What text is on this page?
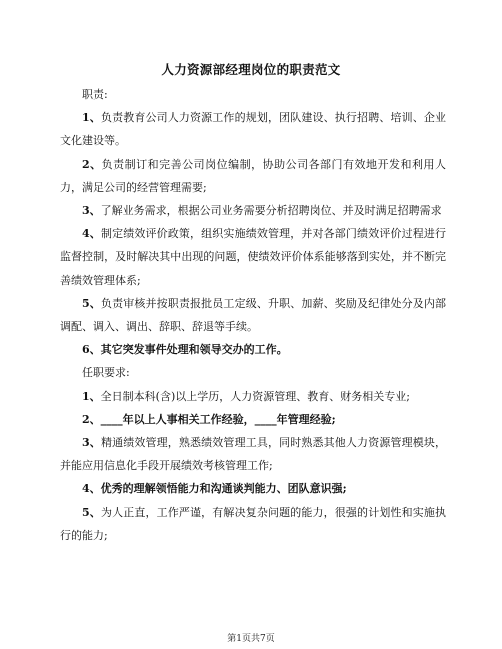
人力资源部经理岗位的职责范文

职责:

1、负责教育公司人力资源工作的规划，团队建设、执行招聘、培训、企业文化建设等。

2、负责制订和完善公司岗位编制，协助公司各部门有效地开发和利用人力，满足公司的经营管理需要;

3、了解业务需求，根据公司业务需要分析招聘岗位、并及时满足招聘需求

4、制定绩效评价政策，组织实施绩效管理，并对各部门绩效评价过程进行监督控制，及时解决其中出现的问题，使绩效评价体系能够落到实处，并不断完善绩效管理体系;

5、负责审核并按职责报批员工定级、升职、加薪、奖励及纪律处分及内部调配、调入、调出、辞职、辞退等手续。

6、其它突发事件处理和领导交办的工作。

任职要求:

1、全日制本科(含)以上学历，人力资源管理、教育、财务相关专业;

2、____年以上人事相关工作经验，____年管理经验;

3、精通绩效管理，熟悉绩效管理工具，同时熟悉其他人力资源管理模块，并能应用信息化手段开展绩效考核管理工作;

4、优秀的理解领悟能力和沟通谈判能力、团队意识强;

5、为人正直，工作严谨，有解决复杂问题的能力，很强的计划性和实施执行的能力;

第1页共7页
